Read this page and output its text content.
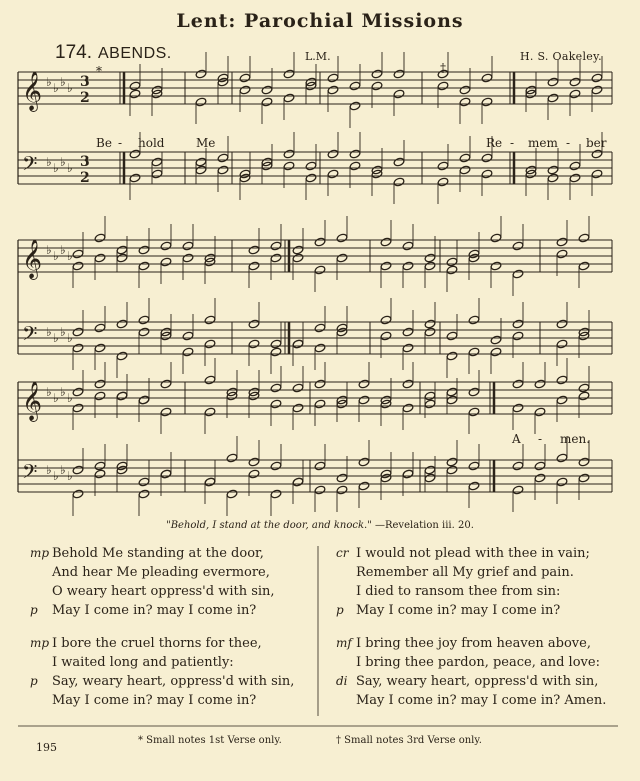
Lent: Parochial Missions
174. ABENDS.	L.M.	H. S. Oakeley.
*	†
𝄞 ♭ ♭ ♭ ♭ 3
2
𝄢 ♭ ♭ ♭ ♭ 3
2
𝄞 ♭ ♭ ♭ ♭
𝄢 ♭ ♭ ♭ ♭
𝄞 ♭ ♭ ♭ ♭
𝄢 ♭ ♭ ♭ ♭
Be - hold	Me	Re - mem - ber
A - men.
"Behold, I stand at the door, and knock." —Revelation iii. 20.
mp Behold Me standing at the door,
And hear Me pleading evermore,
O weary heart oppress'd with sin,
p May I come in? may I come in?
mp I bore the cruel thorns for thee,
I waited long and patiently:
p Say, weary heart, oppress'd with sin,
May I come in? may I come in?
cr I would not plead with thee in vain;
Remember all My grief and pain.
I died to ransom thee from sin:
p May I come in? may I come in?
mf I bring thee joy from heaven above,
I bring thee pardon, peace, and love:
di Say, weary heart, oppress'd with sin,
May I come in? may I come in? Amen.
195
* Small notes 1st Verse only.	† Small notes 3rd Verse only.
